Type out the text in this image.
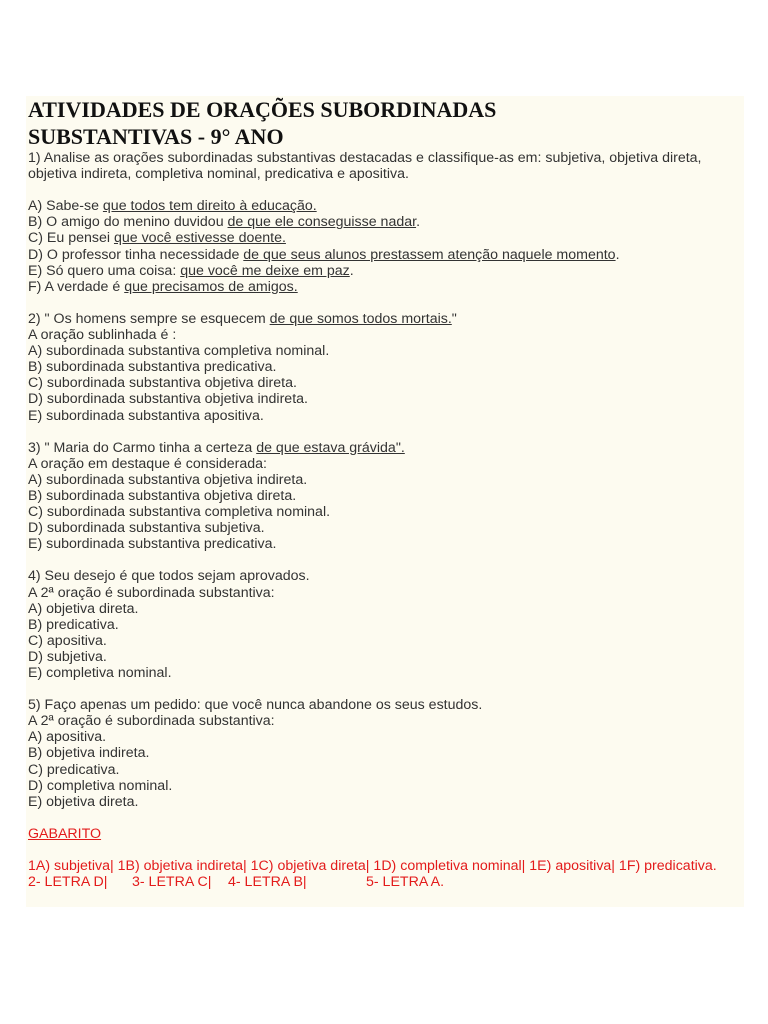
ATIVIDADES DE ORAÇÕES SUBORDINADAS
SUBSTANTIVAS - 9° ANO
1) Analise as orações subordinadas substantivas destacadas e classifique-as em: subjetiva, objetiva direta, objetiva indireta, completiva nominal, predicativa e apositiva.
A) Sabe-se que todos tem direito à educação.
B) O amigo do menino duvidou de que ele conseguisse nadar.
C) Eu pensei que você estivesse doente.
D) O professor tinha necessidade de que seus alunos prestassem atenção naquele momento.
E) Só quero uma coisa: que você me deixe em paz.
F) A verdade é que precisamos de amigos.
2) " Os homens sempre se esquecem de que somos todos mortais."
A oração sublinhada é :
A) subordinada substantiva completiva nominal.
B) subordinada substantiva predicativa.
C) subordinada substantiva objetiva direta.
D) subordinada substantiva objetiva indireta.
E) subordinada substantiva apositiva.
3) " Maria do Carmo tinha a certeza de que estava grávida".
A oração em destaque é considerada:
A) subordinada substantiva objetiva indireta.
B) subordinada substantiva objetiva direta.
C) subordinada substantiva completiva nominal.
D) subordinada substantiva subjetiva.
E) subordinada substantiva predicativa.
4) Seu desejo é que todos sejam aprovados.
A 2ª oração é subordinada substantiva:
A) objetiva direta.
B) predicativa.
C) apositiva.
D) subjetiva.
E) completiva nominal.
5) Faço apenas um pedido: que você nunca abandone os seus estudos.
A 2ª oração é subordinada substantiva:
A) apositiva.
B) objetiva indireta.
C) predicativa.
D) completiva nominal.
E) objetiva direta.
GABARITO
1A) subjetiva| 1B) objetiva indireta| 1C) objetiva direta| 1D) completiva nominal| 1E) apositiva| 1F) predicativa.
2- LETRA D| 3- LETRA C| 4- LETRA B|	5- LETRA A.
